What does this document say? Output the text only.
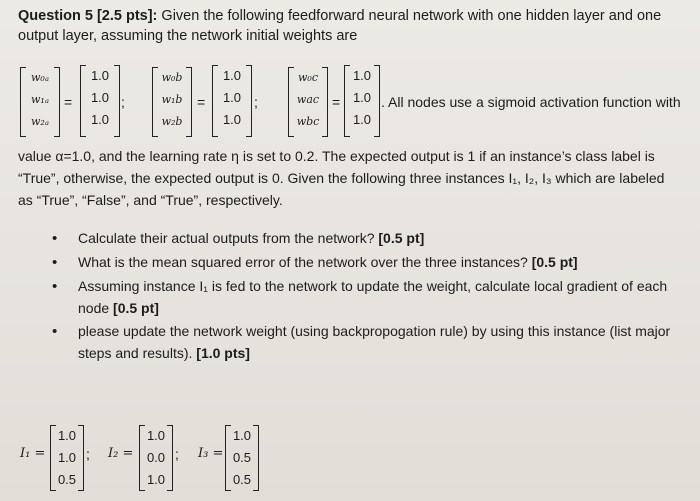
Question 5 [2.5 pts]: Given the following feedforward neural network with one hidden layer and one
output layer, assuming the network initial weights are
w₀ₐ
w₁ₐ
w₂ₐ
=
1.0
1.0
1.0
;
w₀b
w₁b
w₂b
=
1.0
1.0
1.0
;
w₀c
wac
wbc
=
1.0
1.0
1.0
. All nodes use a sigmoid activation function with
value α=1.0, and the learning rate η is set to 0.2. The expected output is 1 if an instance’s class label is
“True”, otherwise, the expected output is 0. Given the following three instances I₁, I₂, I₃ which are labeled
as “True”, “False”, and “True”, respectively.
• Calculate their actual outputs from the network? [0.5 pt]
• What is the mean squared error of the network over the three instances? [0.5 pt]
• Assuming instance I₁ is fed to the network to update the weight, calculate local gradient of each
node [0.5 pt]
• please update the network weight (using backpropogation rule) by using this instance (list major
steps and results). [1.0 pts]
I₁ =
1.0
1.0
0.5
; I₂ =
1.0
0.0
1.0
; I₃ =
1.0
0.5
0.5
